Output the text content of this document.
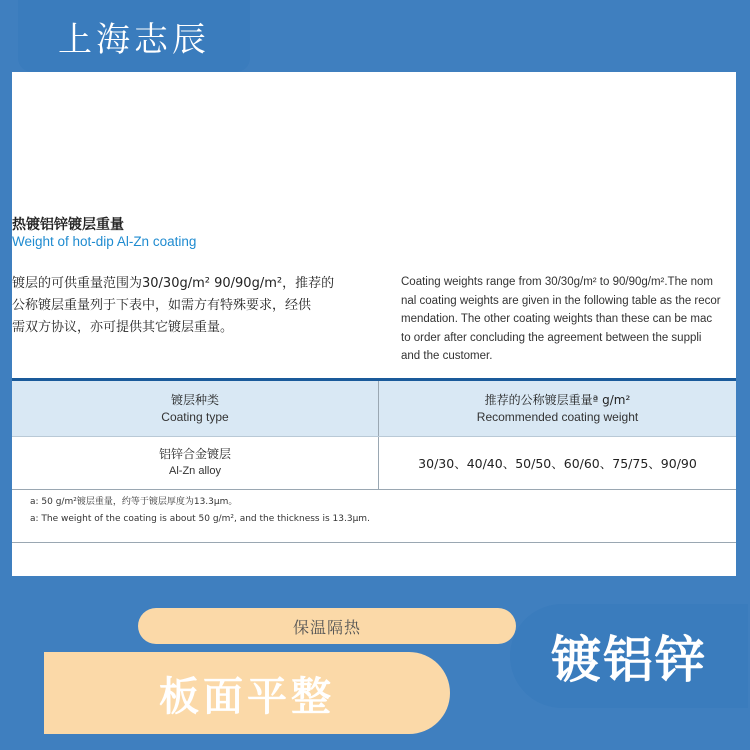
上海志辰
热镀铝锌镀层重量
Weight of hot-dip Al-Zn coating
镀层的可供重量范围为30/30g/m² 90/90g/m²，推荐的
公称镀层重量列于下表中，如需方有特殊要求，经供
需双方协议，亦可提供其它镀层重量。
Coating weights range from 30/30g/m² to 90/90g/m².The nom
nal coating weights are given in the following table as the recor
mendation. The other coating weights than these can be mac
to order after concluding the agreement between the suppli
and the customer.
镀层种类
Coating type
推荐的公称镀层重量ª g/m²
Recommended coating weight
铝锌合金镀层
Al-Zn alloy
30/30、40/40、50/50、60/60、75/75、90/90
a: 50 g/m²镀层重量，约等于镀层厚度为13.3μm。
a: The weight of the coating is about 50 g/m², and the thickness is 13.3μm.
保温隔热
板面平整
镀铝锌
